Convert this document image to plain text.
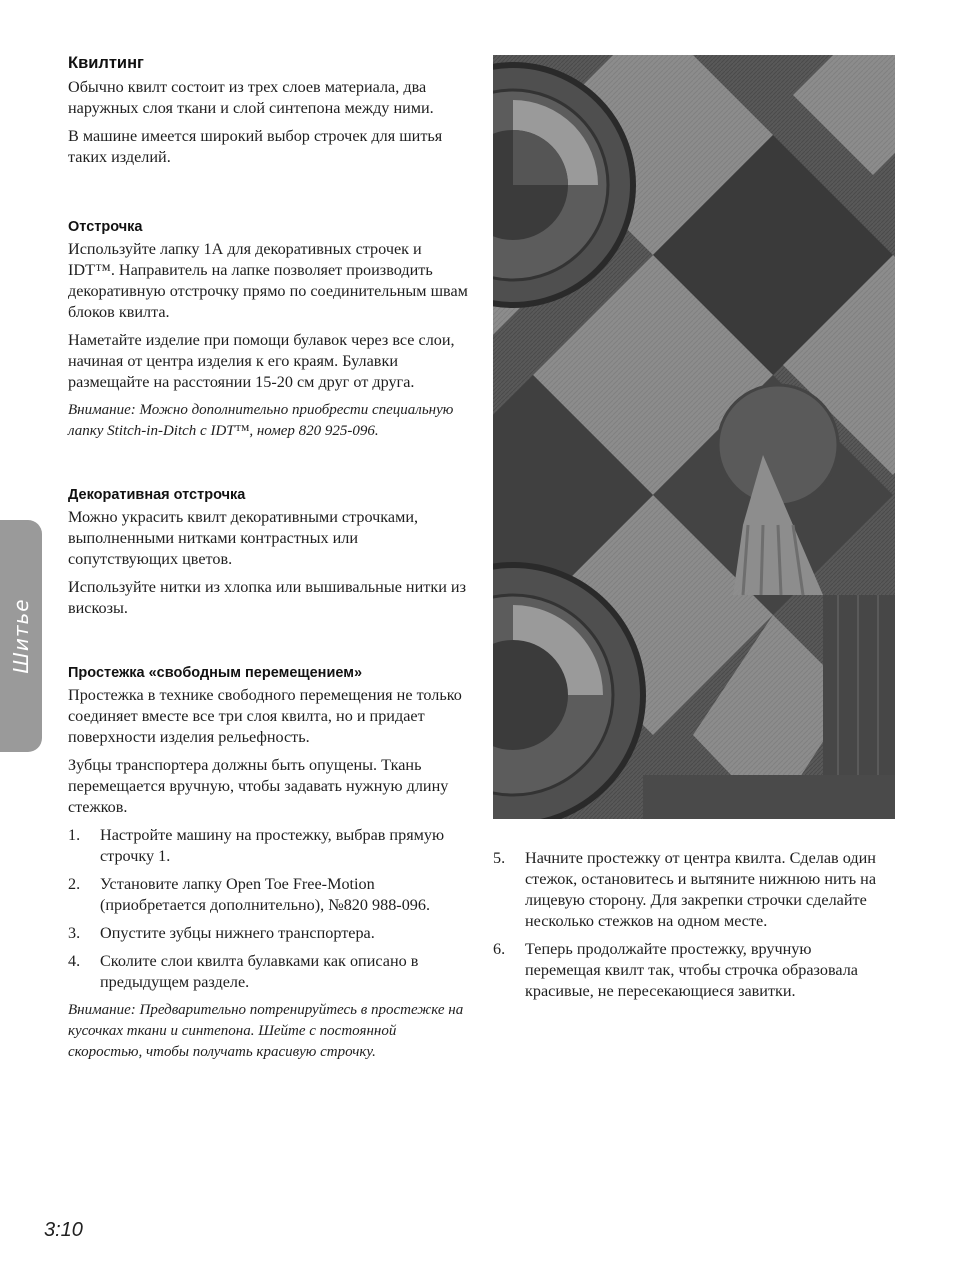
Шитье
Квилтинг

Обычно квилт состоит из трех слоев материала, два наружных слоя ткани и слой синтепона между ними.

В машине имеется широкий выбор строчек для шитья таких изделий.

Отстрочка

Используйте лапку 1А для декоративных строчек и IDT™. Направитель на лапке позволяет производить декоративную отстрочку прямо по соединительным швам блоков квилта.

Наметайте изделие при помощи булавок через все слои, начиная от центра изделия к его краям. Булавки размещайте на расстоянии 15-20 см друг от друга.

Внимание: Можно дополнительно приобрести специальную лапку Stitch-in-Ditch с IDT™, номер 820 925-096.

Декоративная отстрочка

Можно украсить квилт декоративными строчками, выполненными нитками контрастных или сопутствующих цветов.

Используйте нитки из хлопка или вышивальные нитки из вискозы.

Простежка «свободным перемещением»

Простежка в технике свободного перемещения не только соединяет вместе все три слоя квилта, но и придает поверхности изделия рельефность.

Зубцы транспортера должны быть опущены. Ткань перемещается вручную, чтобы задавать нужную длину стежков.

1. Настройте машину на простежку, выбрав прямую строчку 1.
2. Установите лапку Open Toe Free-Motion (приобретается дополнительно), №820 988-096.
3. Опустите зубцы нижнего транспортера.
4. Сколите слои квилта булавками как описано в предыдущем разделе.

Внимание: Предварительно потренируйтесь в простежке на кусочках ткани и синтепона. Шейте с постоянной скоростью, чтобы получать красивую строчку.

5. Начните простежку от центра квилта. Сделав один стежок, остановитесь и вытяните нижнюю нить на лицевую сторону. Для закрепки строчки сделайте несколько стежков на одном месте.
6. Теперь продолжайте простежку, вручную перемещая квилт так, чтобы строчка образовала красивые, не пересекающиеся завитки.
3:10
